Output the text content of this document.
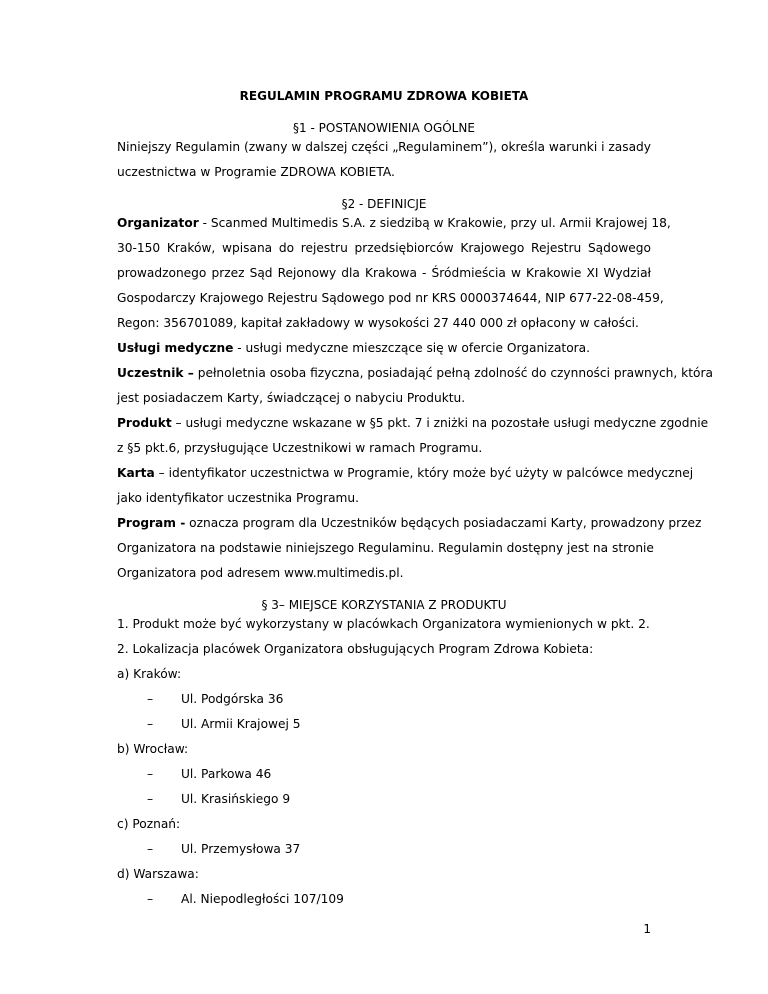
REGULAMIN PROGRAMU ZDROWA KOBIETA
§1 - POSTANOWIENIA OGÓLNE
Niniejszy Regulamin (zwany w dalszej części „Regulaminem”), określa warunki i zasady
uczestnictwa w Programie ZDROWA KOBIETA.
§2 - DEFINICJE
Organizator - Scanmed Multimedis S.A. z siedzibą w Krakowie, przy ul. Armii Krajowej 18,
30-150 Kraków, wpisana do rejestru przedsiębiorców Krajowego Rejestru Sądowego
prowadzonego przez Sąd Rejonowy dla Krakowa - Śródmieścia w Krakowie XI Wydział
Gospodarczy Krajowego Rejestru Sądowego pod nr KRS 0000374644, NIP 677-22-08-459,
Regon: 356701089, kapitał zakładowy w wysokości 27 440 000 zł opłacony w całości.
Usługi medyczne - usługi medyczne mieszczące się w ofercie Organizatora.
Uczestnik – pełnoletnia osoba fizyczna, posiadająć pełną zdolność do czynności prawnych, która
jest posiadaczem Karty, świadczącej o nabyciu Produktu.
Produkt – usługi medyczne wskazane w §5 pkt. 7 i zniżki na pozostałe usługi medyczne zgodnie
z §5 pkt.6, przysługujące Uczestnikowi w ramach Programu.
Karta – identyfikator uczestnictwa w Programie, który może być użyty w palcówce medycznej
jako identyfikator uczestnika Programu.
Program - oznacza program dla Uczestników będących posiadaczami Karty, prowadzony przez
Organizatora na podstawie niniejszego Regulaminu. Regulamin dostępny jest na stronie
Organizatora pod adresem www.multimedis.pl.
§ 3– MIEJSCE KORZYSTANIA Z PRODUKTU
1. Produkt może być wykorzystany w placówkach Organizatora wymienionych w pkt. 2.
2. Lokalizacja placówek Organizatora obsługujących Program Zdrowa Kobieta:
a) Kraków:
– Ul. Podgórska 36
– Ul. Armii Krajowej 5
b) Wrocław:
– Ul. Parkowa 46
– Ul. Krasińskiego 9
c) Poznań:
– Ul. Przemysłowa 37
d) Warszawa:
– Al. Niepodległości 107/109
1
